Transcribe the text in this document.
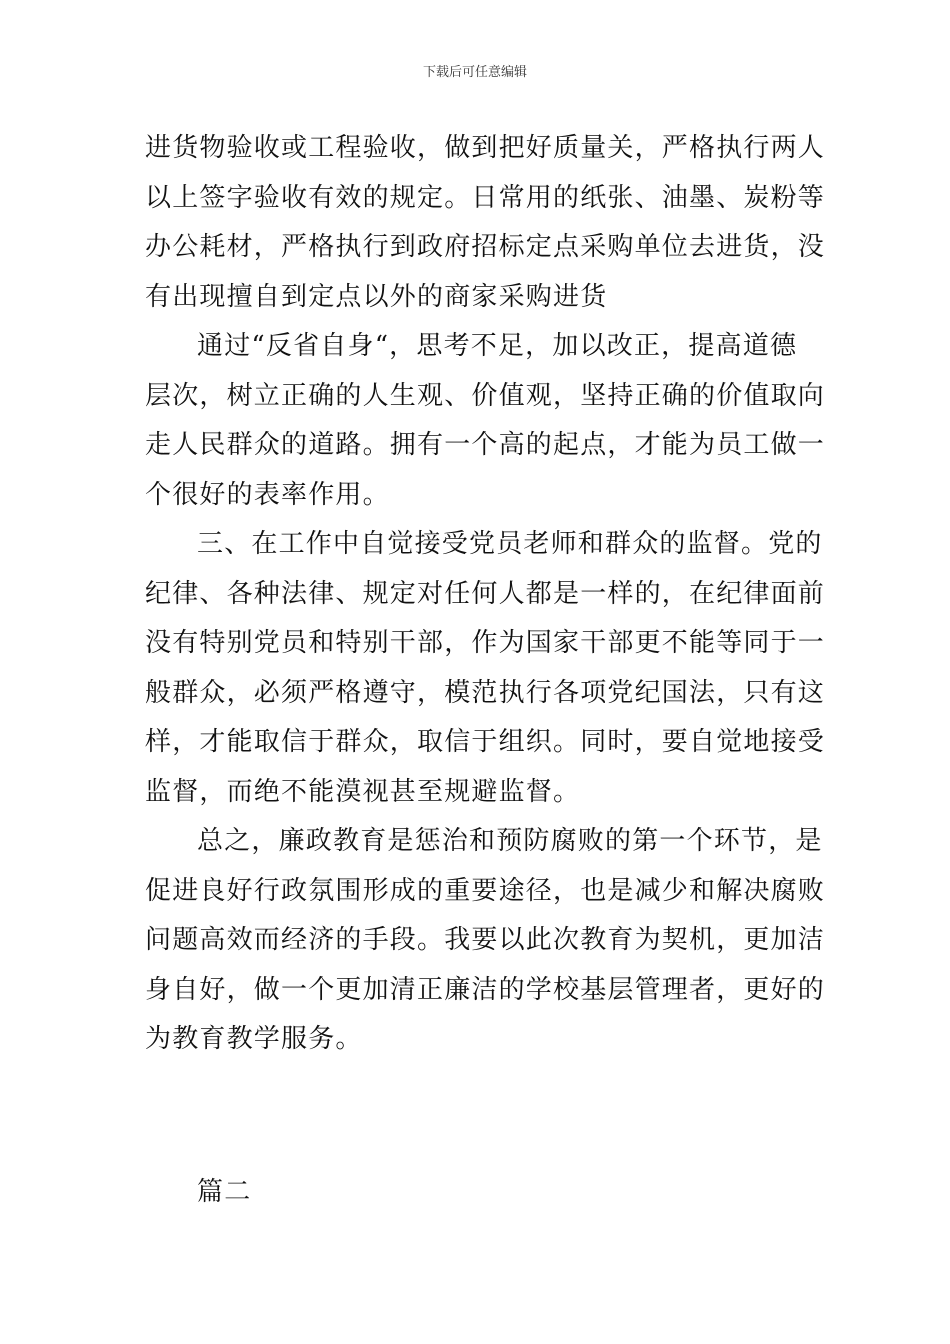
下载后可任意编辑
进货物验收或工程验收，做到把好质量关，严格执行两人
以上签字验收有效的规定。日常用的纸张、油墨、炭粉等
办公耗材，严格执行到政府招标定点采购单位去进货，没
有出现擅自到定点以外的商家采购进货
通过“反省自身“，思考不足，加以改正，提高道德
层次，树立正确的人生观、价值观，坚持正确的价值取向
走人民群众的道路。拥有一个高的起点，才能为员工做一
个很好的表率作用。
三、在工作中自觉接受党员老师和群众的监督。党的
纪律、各种法律、规定对任何人都是一样的，在纪律面前
没有特别党员和特别干部，作为国家干部更不能等同于一
般群众，必须严格遵守，模范执行各项党纪国法，只有这
样，才能取信于群众，取信于组织。同时，要自觉地接受
监督，而绝不能漠视甚至规避监督。
总之，廉政教育是惩治和预防腐败的第一个环节，是
促进良好行政氛围形成的重要途径，也是减少和解决腐败
问题高效而经济的手段。我要以此次教育为契机，更加洁
身自好，做一个更加清正廉洁的学校基层管理者，更好的
为教育教学服务。
篇二
